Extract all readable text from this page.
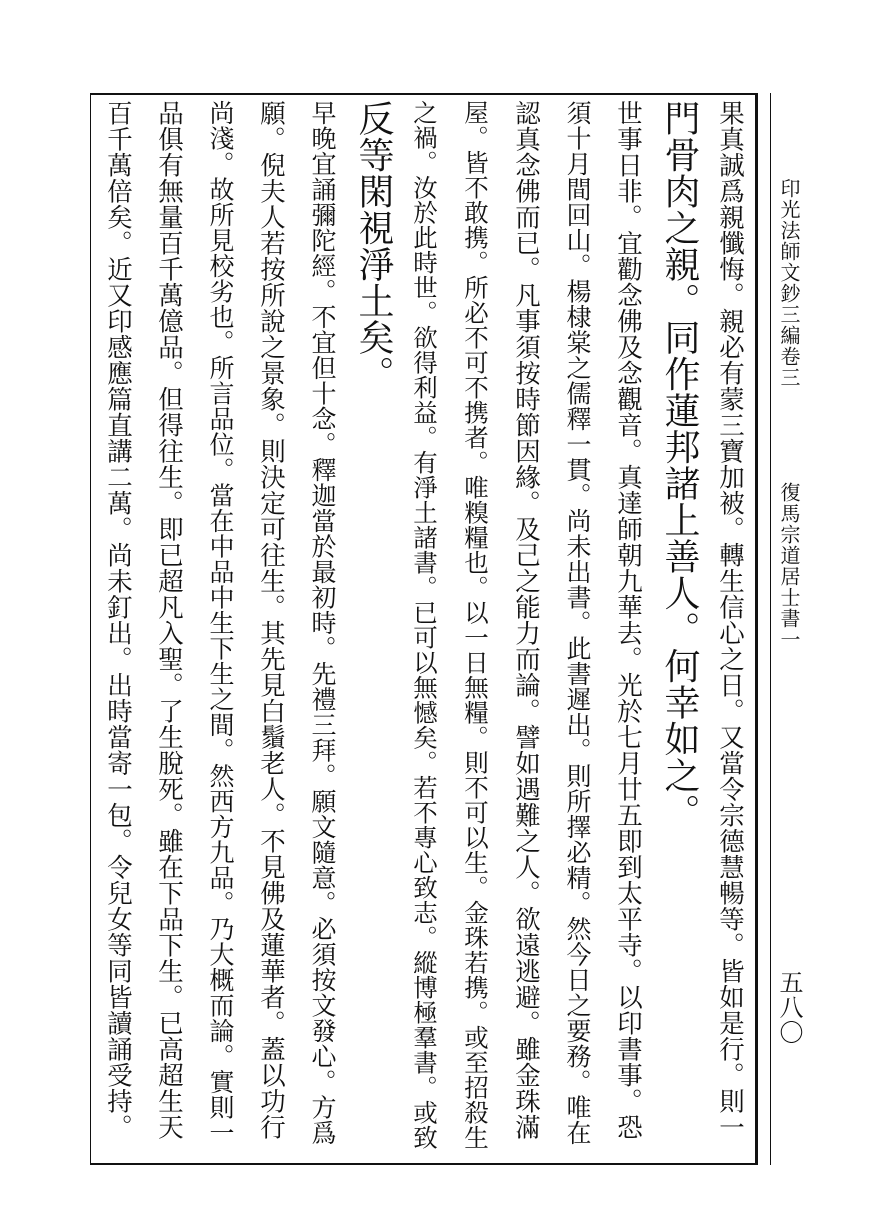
印光法師文鈔三編卷三
復馬宗道居士書一
五八〇
果真誠爲親懺悔。親必有蒙三寶加被。轉生信心之日。又當令宗德慧暢等。皆如是行。則一
門骨肉之親。同作蓮邦諸上善人。何幸如之。
世事日非。宜勸念佛及念觀音。真達師朝九華去。光於七月廿五即到太平寺。以印書事。恐
須十月間回山。楊棣棠之儒釋一貫。尚未出書。此書遲出。則所擇必精。然今日之要務。唯在
認真念佛而已。凡事須按時節因緣。及己之能力而論。譬如遇難之人。欲遠逃避。雖金珠滿
屋。皆不敢携。所必不可不携者。唯糗糧也。以一日無糧。則不可以生。金珠若携。或至招殺生
之禍。汝於此時世。欲得利益。有淨土諸書。已可以無憾矣。若不專心致志。縱博極羣書。或致
反等閑視淨土矣。
早晚宜誦彌陀經。不宜但十念。釋迦當於最初時。先禮三拜。願文隨意。必須按文發心。方爲
願。倪夫人若按所說之景象。則決定可往生。其先見白鬚老人。不見佛及蓮華者。蓋以功行
尚淺。故所見校劣也。所言品位。當在中品中生下生之間。然西方九品。乃大概而論。實則一
品俱有無量百千萬億品。但得往生。即已超凡入聖。了生脫死。雖在下品下生。已高超生天
百千萬倍矣。近又印感應篇直講二萬。尚未釘出。出時當寄一包。令兒女等同皆讀誦受持。
